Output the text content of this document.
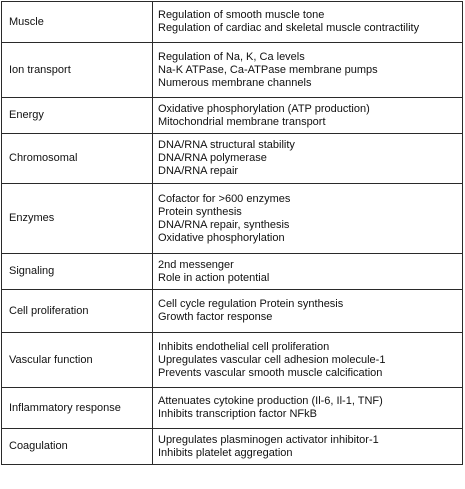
Muscle	Regulation of smooth muscle tone
Regulation of cardiac and skeletal muscle contractility

Ion transport	Regulation of Na, K, Ca levels
Na-K ATPase, Ca-ATPase membrane pumps
Numerous membrane channels

Energy	Oxidative phosphorylation (ATP production)
Mitochondrial membrane transport

Chromosomal	DNA/RNA structural stability
DNA/RNA polymerase
DNA/RNA repair

Enzymes	Cofactor for >600 enzymes
Protein synthesis
DNA/RNA repair, synthesis
Oxidative phosphorylation

Signaling	2nd messenger
Role in action potential

Cell proliferation	Cell cycle regulation Protein synthesis
Growth factor response

Vascular function	Inhibits endothelial cell proliferation
Upregulates vascular cell adhesion molecule-1
Prevents vascular smooth muscle calcification

Inflammatory response	Attenuates cytokine production (Il-6, Il-1, TNF)
Inhibits transcription factor NFkB

Coagulation	Upregulates plasminogen activator inhibitor-1
Inhibits platelet aggregation
